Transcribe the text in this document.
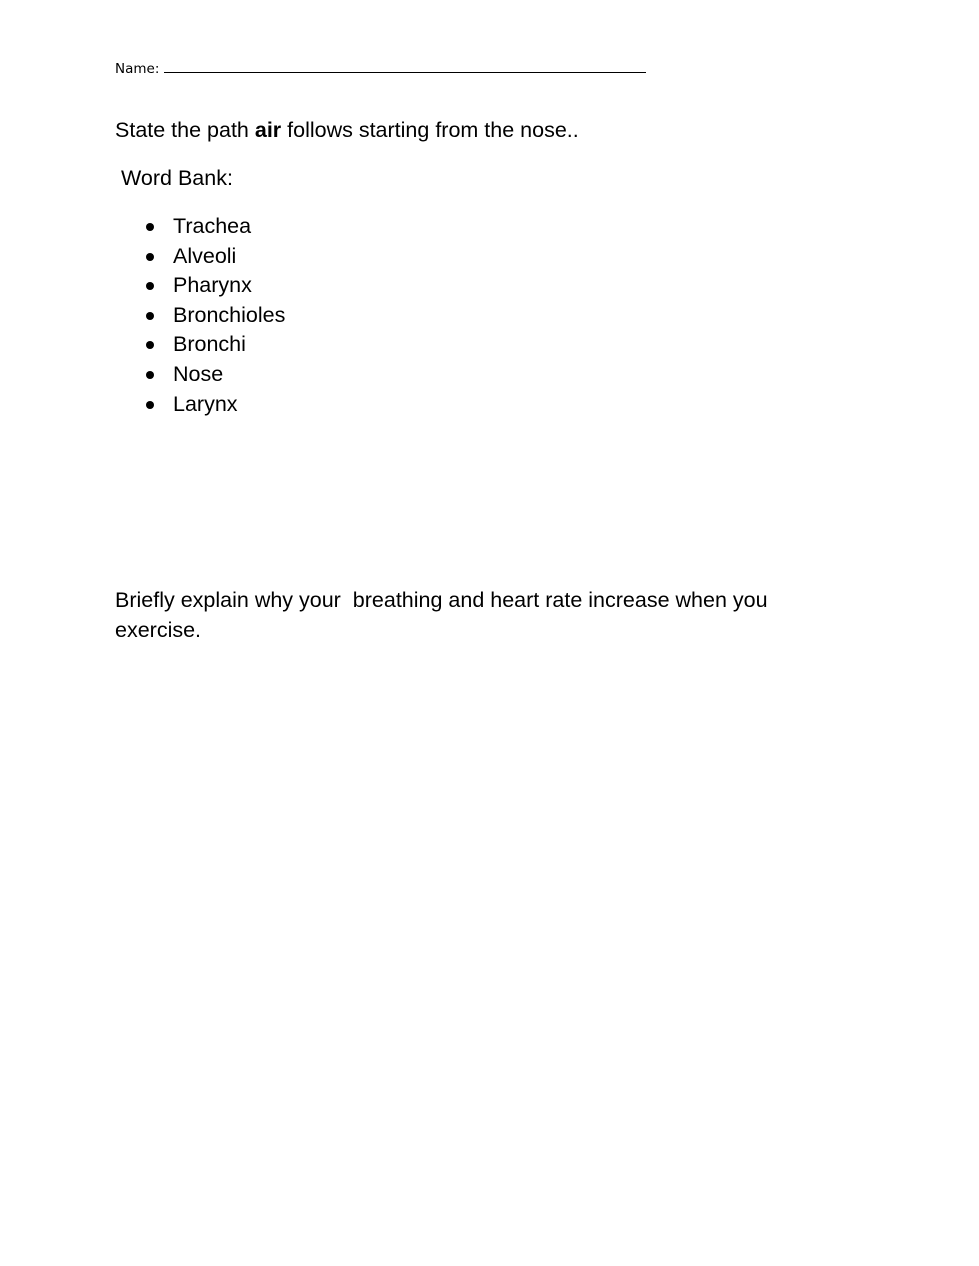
Name:
State the path air follows starting from the nose..
Word Bank:
Trachea
Alveoli
Pharynx
Bronchioles
Bronchi
Nose
Larynx
Briefly explain why your  breathing and heart rate increase when you exercise.
